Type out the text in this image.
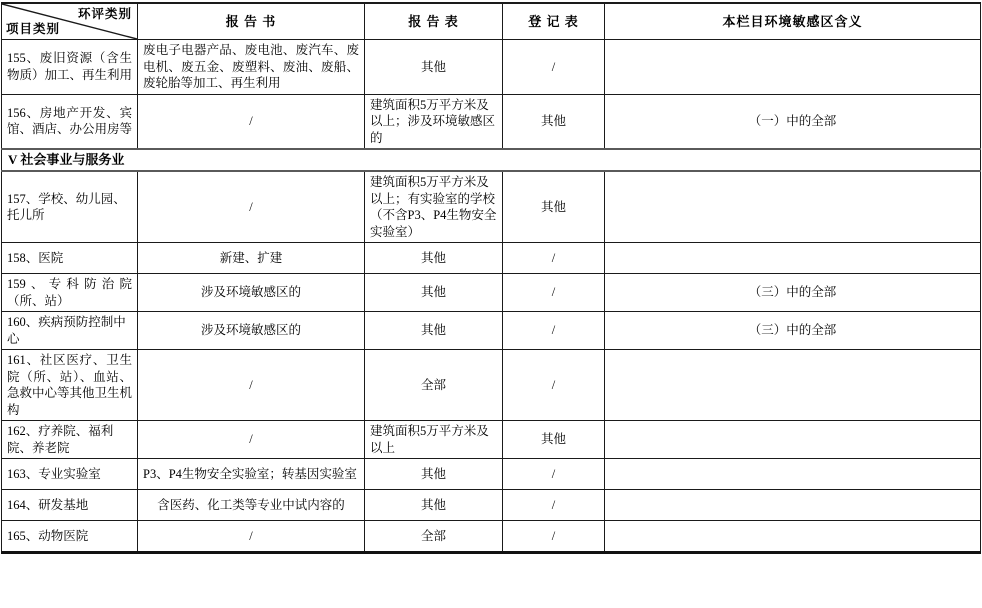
环评类别
项目类别	报 告 书	报 告 表	登 记 表	本栏目环境敏感区含义
155、废旧资源（含生物质）加工、再生利用	废电子电器产品、废电池、废汽车、废电机、废五金、废塑料、废油、废船、废轮胎等加工、再生利用	其他	/	
156、房地产开发、宾馆、酒店、办公用房等	/	建筑面积5万平方米及以上；涉及环境敏感区的	其他	（一）中的全部
V 社会事业与服务业				
157、学校、幼儿园、托儿所	/	建筑面积5万平方米及以上；有实验室的学校（不含P3、P4生物安全实验室）	其他	
158、医院	新建、扩建	其他	/	
159、专科防治院（所、站）	涉及环境敏感区的	其他	/	（三）中的全部
160、疾病预防控制中心	涉及环境敏感区的	其他	/	（三）中的全部
161、社区医疗、卫生院（所、站）、血站、急救中心等其他卫生机构	/	全部	/	
162、疗养院、福利院、养老院	/	建筑面积5万平方米及以上	其他	
163、专业实验室	P3、P4生物安全实验室；转基因实验室	其他	/	
164、研发基地	含医药、化工类等专业中试内容的	其他	/	
165、动物医院	/	全部	/	
